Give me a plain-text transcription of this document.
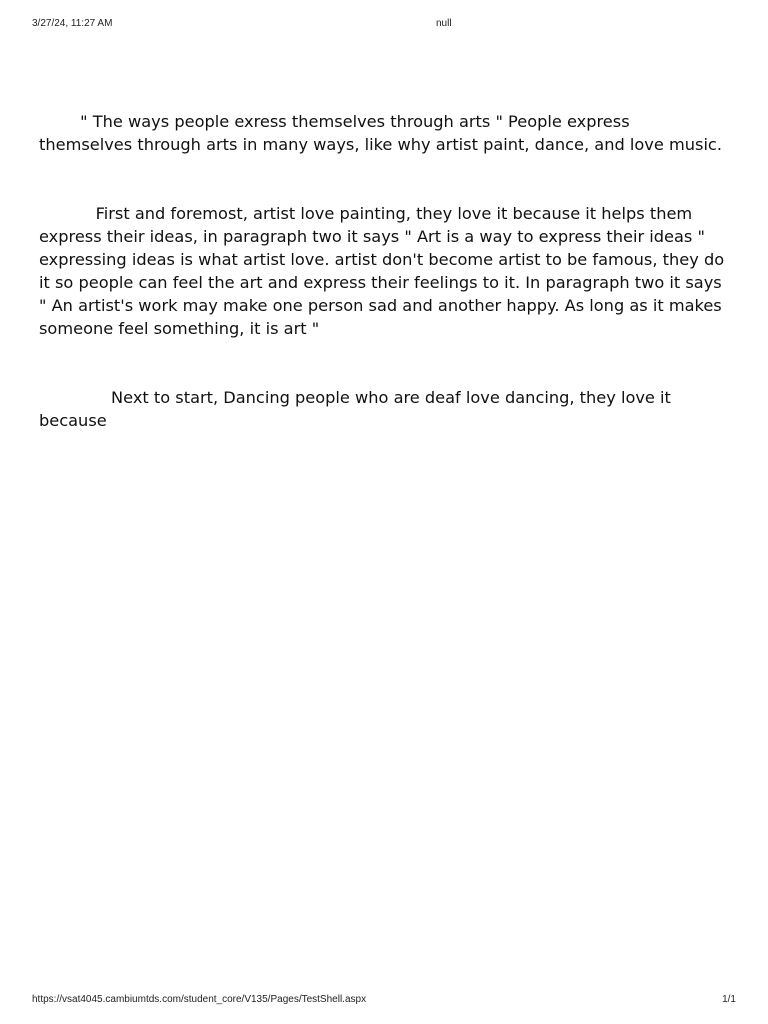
3/27/24, 11:27 AM	null

" The ways people exress themselves through arts " People express themselves through arts in many ways, like why artist paint, dance, and love music.

First and foremost, artist love painting, they love it because it helps them express their ideas, in paragraph two it says " Art is a way to express their ideas " expressing ideas is what artist love. artist don't become artist to be famous, they do it so people can feel the art and express their feelings to it. In paragraph two it says " An artist's work may make one person sad and another happy. As long as it makes someone feel something, it is art "

Next to start, Dancing people who are deaf love dancing, they love it because

https://vsat4045.cambiumtds.com/student_core/V135/Pages/TestShell.aspx	1/1
